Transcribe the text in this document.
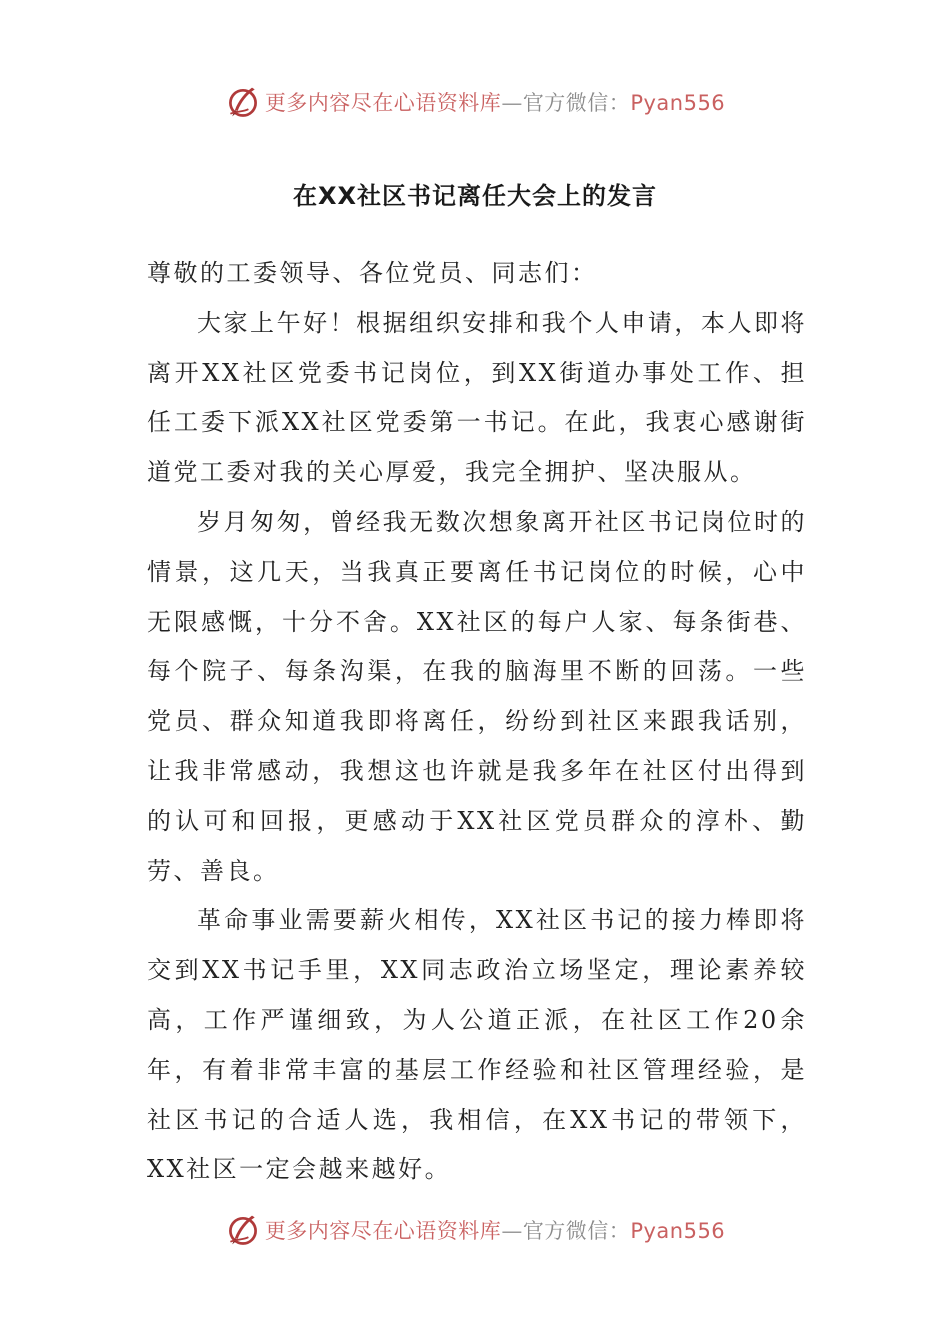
更多内容尽在心语资料库—官方微信：Pyan556
在XX社区书记离任大会上的发言

尊敬的工委领导、各位党员、同志们：

大家上午好！根据组织安排和我个人申请，本人即将离开XX社区党委书记岗位，到XX街道办事处工作、担任工委下派XX社区党委第一书记。在此，我衷心感谢街道党工委对我的关心厚爱，我完全拥护、坚决服从。

岁月匆匆，曾经我无数次想象离开社区书记岗位时的情景，这几天，当我真正要离任书记岗位的时候，心中无限感慨，十分不舍。XX社区的每户人家、每条街巷、每个院子、每条沟渠，在我的脑海里不断的回荡。一些党员、群众知道我即将离任，纷纷到社区来跟我话别，让我非常感动，我想这也许就是我多年在社区付出得到的认可和回报，更感动于XX社区党员群众的淳朴、勤劳、善良。

革命事业需要薪火相传，XX社区书记的接力棒即将交到XX书记手里，XX同志政治立场坚定，理论素养较高，工作严谨细致，为人公道正派，在社区工作20余年，有着非常丰富的基层工作经验和社区管理经验，是社区书记的合适人选，我相信，在XX书记的带领下，XX社区一定会越来越好。

更多内容尽在心语资料库—官方微信：Pyan556
